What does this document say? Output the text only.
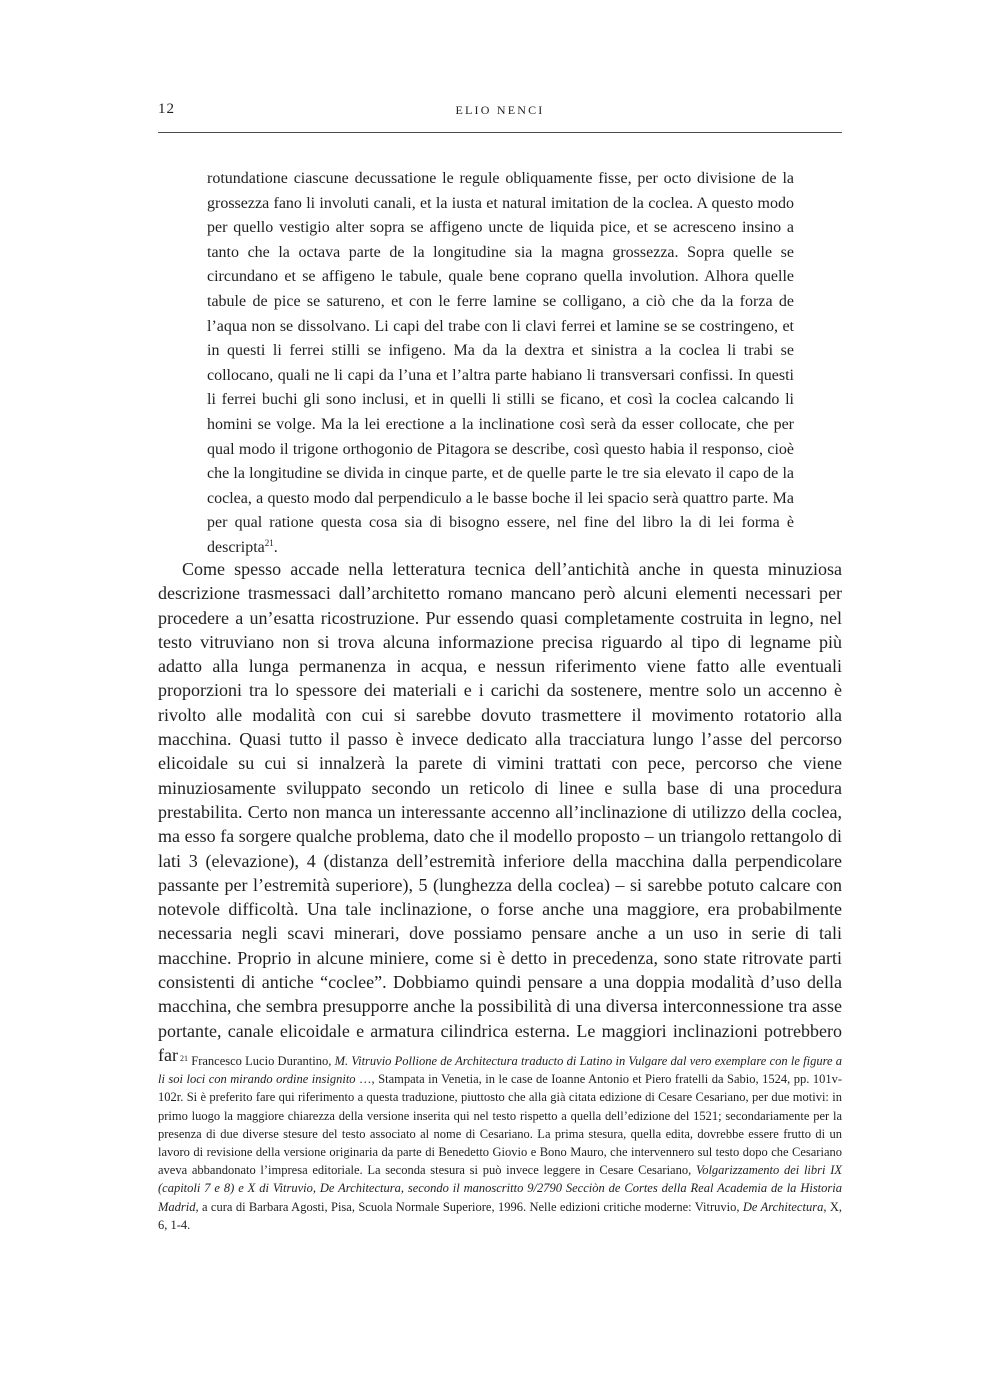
12	ELIO NENCI

rotundatione ciascune decussatione le regule obliquamente fisse, per octo divisione de la grossezza fano li involuti canali, et la iusta et natural imitation de la coclea. A questo modo per quello vestigio alter sopra se affigeno uncte de liquida pice, et se acresceno insino a tanto che la octava parte de la longitudine sia la magna grossezza. Sopra quelle se circundano et se affigeno le tabule, quale bene coprano quella involution. Alhora quelle tabule de pice se satureno, et con le ferre lamine se colligano, a ciò che da la forza de l’aqua non se dissolvano. Li capi del trabe con li clavi ferrei et lamine se se costringeno, et in questi li ferrei stilli se infigeno. Ma da la dextra et sinistra a la coclea li trabi se collocano, quali ne li capi da l’una et l’altra parte habiano li transversari confissi. In questi li ferrei buchi gli sono inclusi, et in quelli li stilli se ficano, et così la coclea calcando li homini se volge. Ma la lei erectione a la inclinatione così serà da esser collocate, che per qual modo il trigone orthogonio de Pitagora se describe, così questo habia il responso, cioè che la longitudine se divida in cinque parte, et de quelle parte le tre sia elevato il capo de la coclea, a questo modo dal perpendiculo a le basse boche il lei spacio serà quattro parte. Ma per qual ratione questa cosa sia di bisogno essere, nel fine del libro la di lei forma è descripta$^{21}$.

Come spesso accade nella letteratura tecnica dell’antichità anche in questa minuziosa descrizione trasmessaci dall’architetto romano mancano però alcuni elementi necessari per procedere a un’esatta ricostruzione. Pur essendo quasi completamente costruita in legno, nel testo vitruviano non si trova alcuna informazione precisa riguardo al tipo di legname più adatto alla lunga permanenza in acqua, e nessun riferimento viene fatto alle eventuali proporzioni tra lo spessore dei materiali e i carichi da sostenere, mentre solo un accenno è rivolto alle modalità con cui si sarebbe dovuto trasmettere il movimento rotatorio alla macchina. Quasi tutto il passo è invece dedicato alla tracciatura lungo l’asse del percorso elicoidale su cui si innalzerà la parete di vimini trattati con pece, percorso che viene minuziosamente sviluppato secondo un reticolo di linee e sulla base di una procedura prestabilita. Certo non manca un interessante accenno all’inclinazione di utilizzo della coclea, ma esso fa sorgere qualche problema, dato che il modello proposto – un triangolo rettangolo di lati 3 (elevazione), 4 (distanza dell’estremità inferiore della macchina dalla perpendicolare passante per l’estremità superiore), 5 (lunghezza della coclea) – si sarebbe potuto calcare con notevole difficoltà. Una tale inclinazione, o forse anche una maggiore, era probabilmente necessaria negli scavi minerari, dove possiamo pensare anche a un uso in serie di tali macchine. Proprio in alcune miniere, come si è detto in precedenza, sono state ritrovate parti consistenti di antiche “coclee”. Dobbiamo quindi pensare a una doppia modalità d’uso della macchina, che sembra presupporre anche la possibilità di una diversa interconnessione tra asse portante, canale elicoidale e armatura cilindrica esterna. Le maggiori inclinazioni potrebbero far $^{21}$ Francesco Lucio Durantino, M. Vitruvio Pollione de Architectura traducto di Latino in Vulgare dal vero exemplare con le figure a li soi loci con mirando ordine insignito …, Stampata in Venetia, in le case de Ioanne Antonio et Piero fratelli da Sabio, 1524, pp. 101v-102r. Si è preferito fare qui riferimento a questa traduzione, piuttosto che alla già citata edizione di Cesare Cesariano, per due motivi: in primo luogo la maggiore chiarezza della versione inserita qui nel testo rispetto a quella dell’edizione del 1521; secondariamente per la presenza di due diverse stesure del testo associato al nome di Cesariano. La prima stesura, quella edita, dovrebbe essere frutto di un lavoro di revisione della versione originaria da parte di Benedetto Giovio e Bono Mauro, che intervennero sul testo dopo che Cesariano aveva abbandonato l’impresa editoriale. La seconda stesura si può invece leggere in Cesare Cesariano, Volgarizzamento dei libri IX (capitoli 7 e 8) e X di Vitruvio, De Architectura, secondo il manoscritto 9/2790 Secciòn de Cortes della Real Academia de la Historia Madrid, a cura di Barbara Agosti, Pisa, Scuola Normale Superiore, 1996. Nelle edizioni critiche moderne: Vitruvio, De Architectura, X, 6, 1-4.
